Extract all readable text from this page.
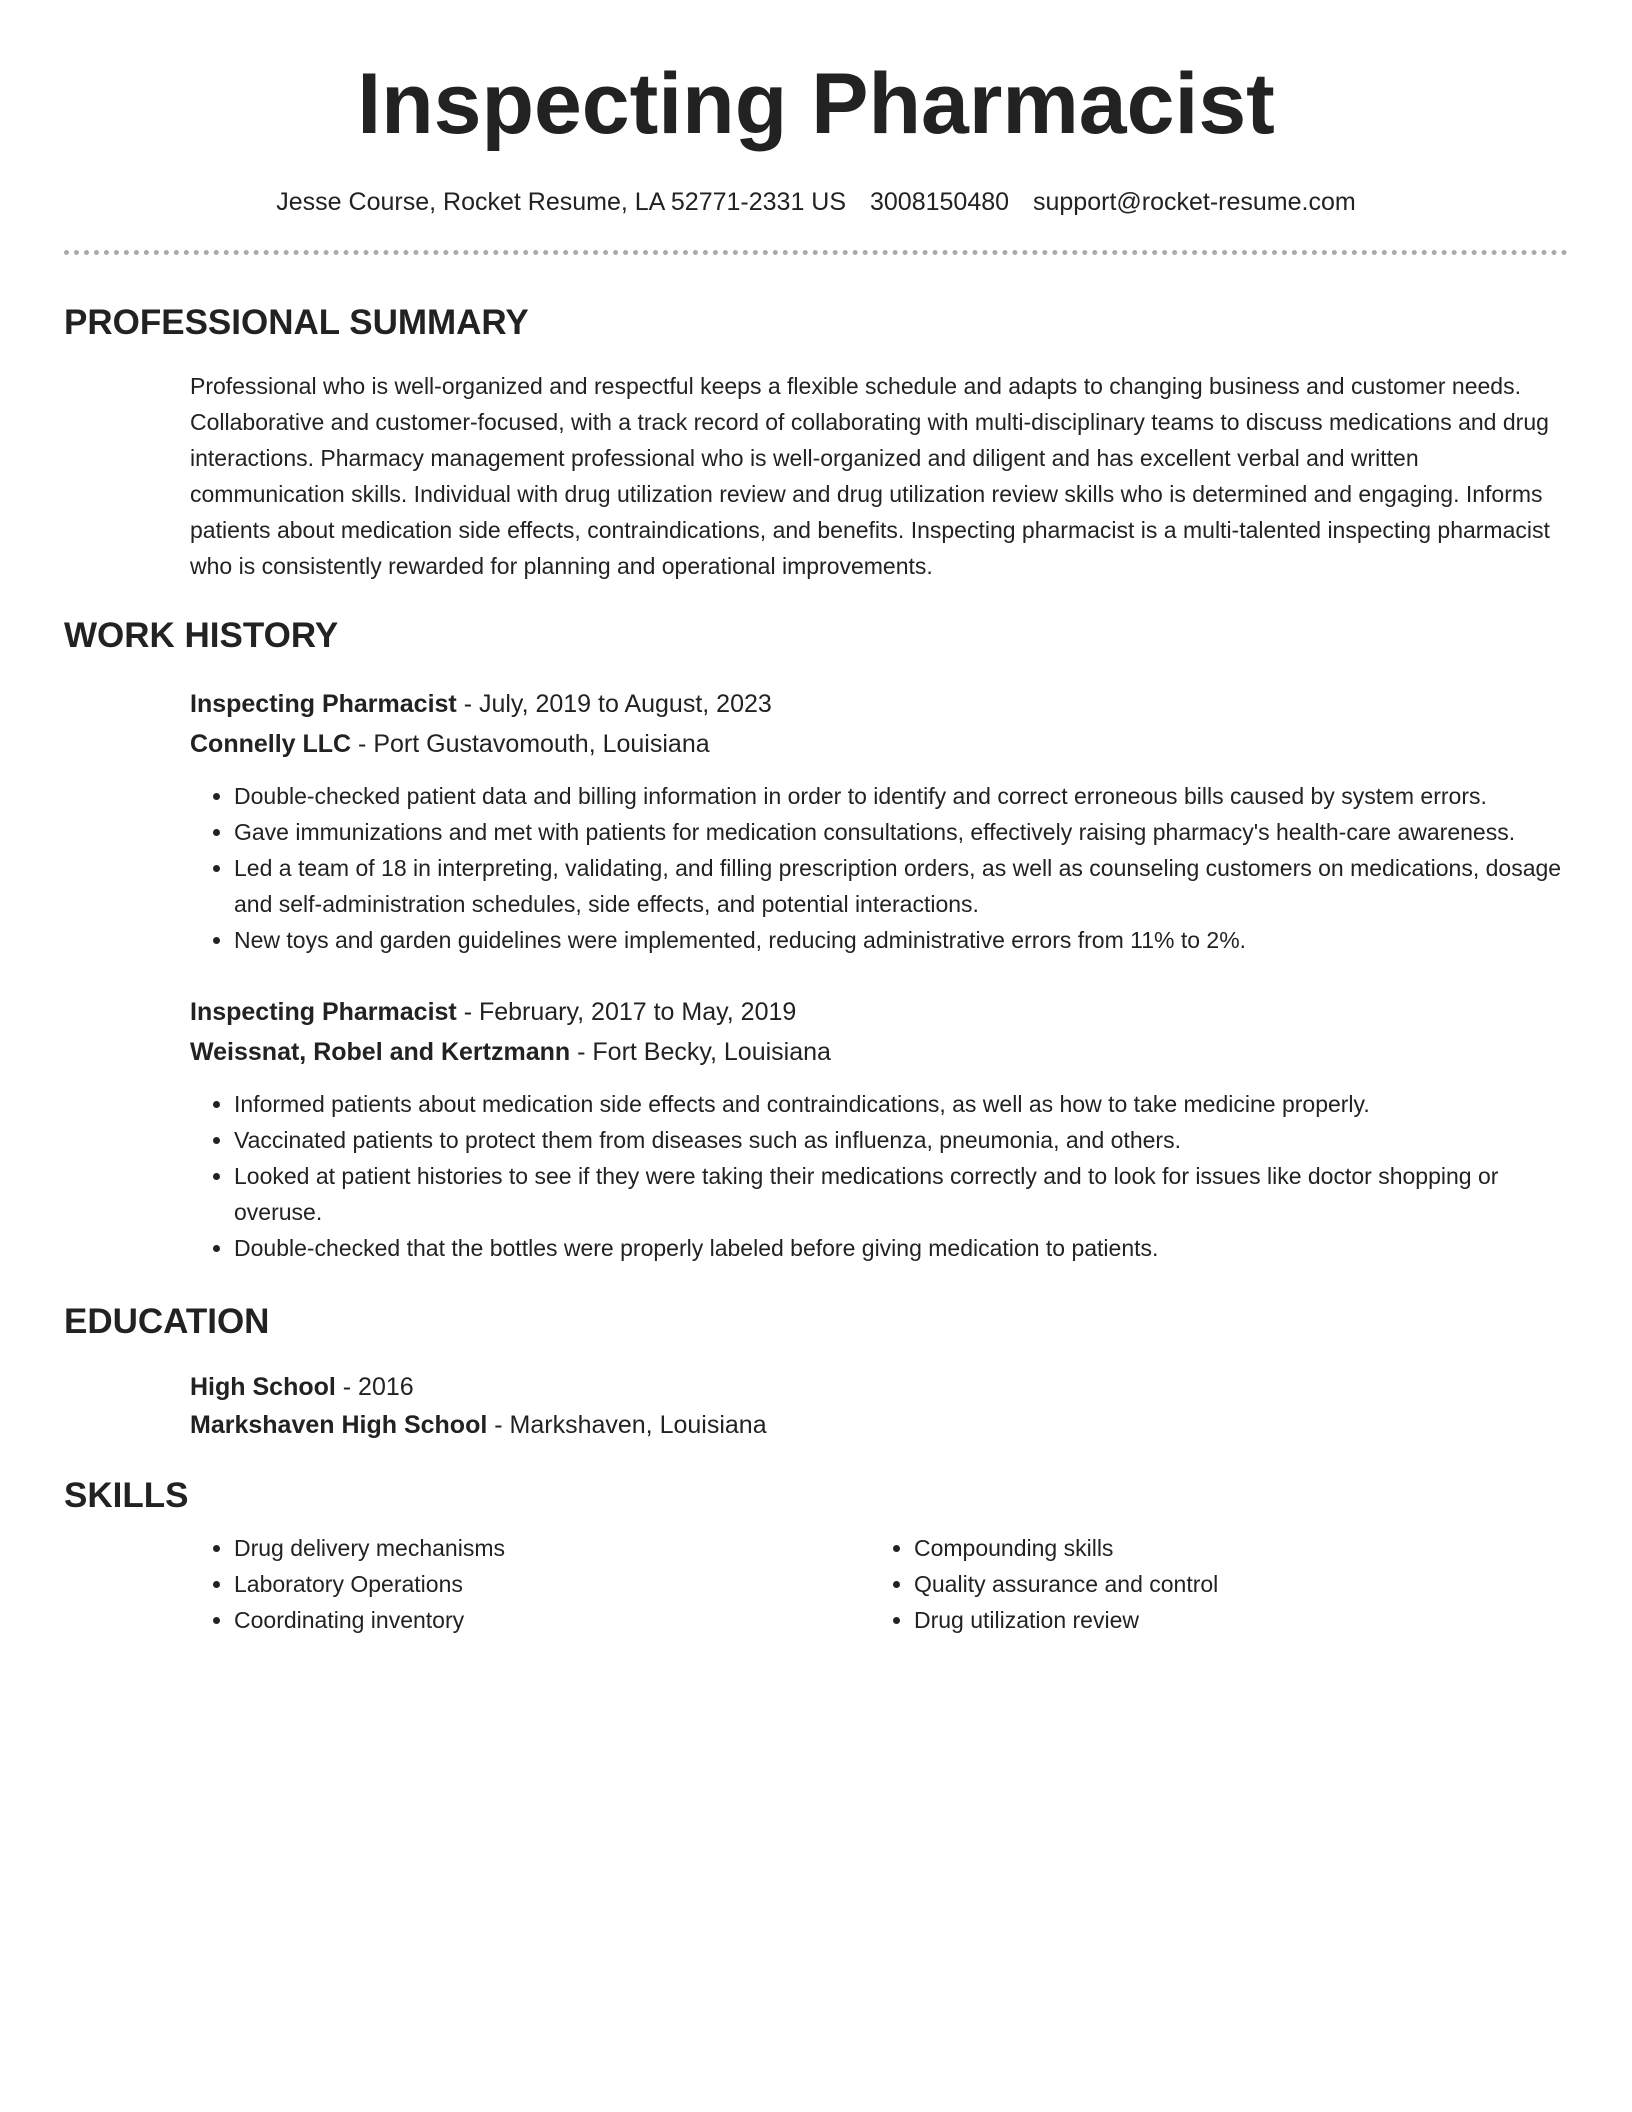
Inspecting Pharmacist
Jesse Course, Rocket Resume, LA 52771-2331 US 3008150480 support@rocket-resume.com
PROFESSIONAL SUMMARY
Professional who is well-organized and respectful keeps a flexible schedule and adapts to changing business and customer needs. Collaborative and customer-focused, with a track record of collaborating with multi-disciplinary teams to discuss medications and drug interactions. Pharmacy management professional who is well-organized and diligent and has excellent verbal and written communication skills. Individual with drug utilization review and drug utilization review skills who is determined and engaging. Informs patients about medication side effects, contraindications, and benefits. Inspecting pharmacist is a multi-talented inspecting pharmacist who is consistently rewarded for planning and operational improvements.
WORK HISTORY
Inspecting Pharmacist - July, 2019 to August, 2023
Connelly LLC - Port Gustavomouth, Louisiana
• Double-checked patient data and billing information in order to identify and correct erroneous bills caused by system errors.
• Gave immunizations and met with patients for medication consultations, effectively raising pharmacy's health-care awareness.
• Led a team of 18 in interpreting, validating, and filling prescription orders, as well as counseling customers on medications, dosage and self-administration schedules, side effects, and potential interactions.
• New toys and garden guidelines were implemented, reducing administrative errors from 11% to 2%.
Inspecting Pharmacist - February, 2017 to May, 2019
Weissnat, Robel and Kertzmann - Fort Becky, Louisiana
• Informed patients about medication side effects and contraindications, as well as how to take medicine properly.
• Vaccinated patients to protect them from diseases such as influenza, pneumonia, and others.
• Looked at patient histories to see if they were taking their medications correctly and to look for issues like doctor shopping or overuse.
• Double-checked that the bottles were properly labeled before giving medication to patients.
EDUCATION
High School - 2016
Markshaven High School - Markshaven, Louisiana
SKILLS
• Drug delivery mechanisms
• Laboratory Operations
• Coordinating inventory
• Compounding skills
• Quality assurance and control
• Drug utilization review
